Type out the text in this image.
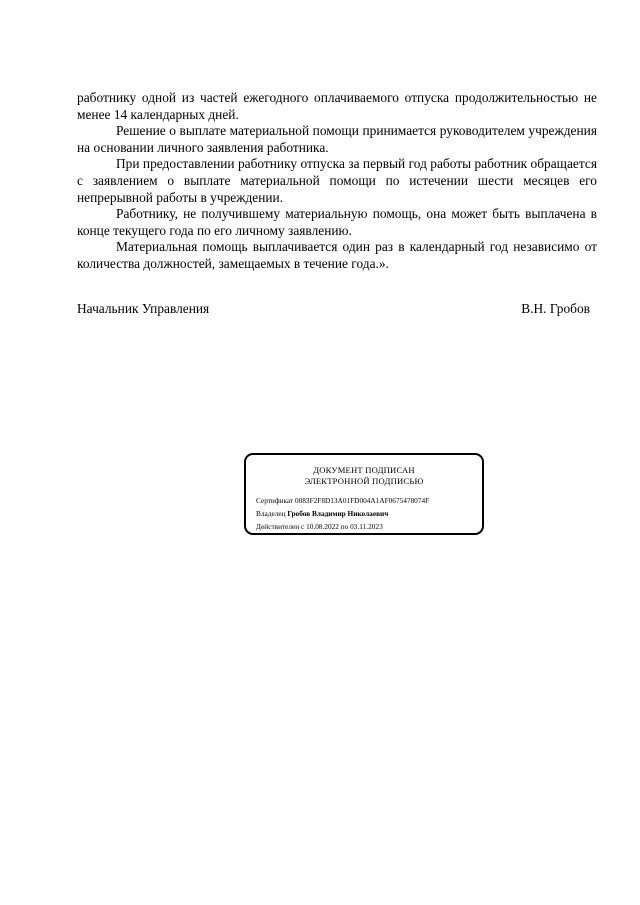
работнику одной из частей ежегодного оплачиваемого отпуска продолжительностью не менее 14 календарных дней.

Решение о выплате материальной помощи принимается руководителем учреждения на основании личного заявления работника.

При предоставлении работнику отпуска за первый год работы работник обращается с заявлением о выплате материальной помощи по истечении шести месяцев его непрерывной работы в учреждении.

Работнику, не получившему материальную помощь, она может быть выплачена в конце текущего года по его личному заявлению.

Материальная помощь выплачивается один раз в календарный год независимо от количества должностей, замещаемых в течение года.».

Начальник Управления	В.Н. Гробов
ДОКУМЕНТ ПОДПИСАН
ЭЛЕКТРОННОЙ ПОДПИСЬЮ
Сертификат 0083F2F8D13A01FD004A1AF0675478074F
Владелец Гробов Владимир Николаевич
Действителен с 10.08.2022 по 03.11.2023
